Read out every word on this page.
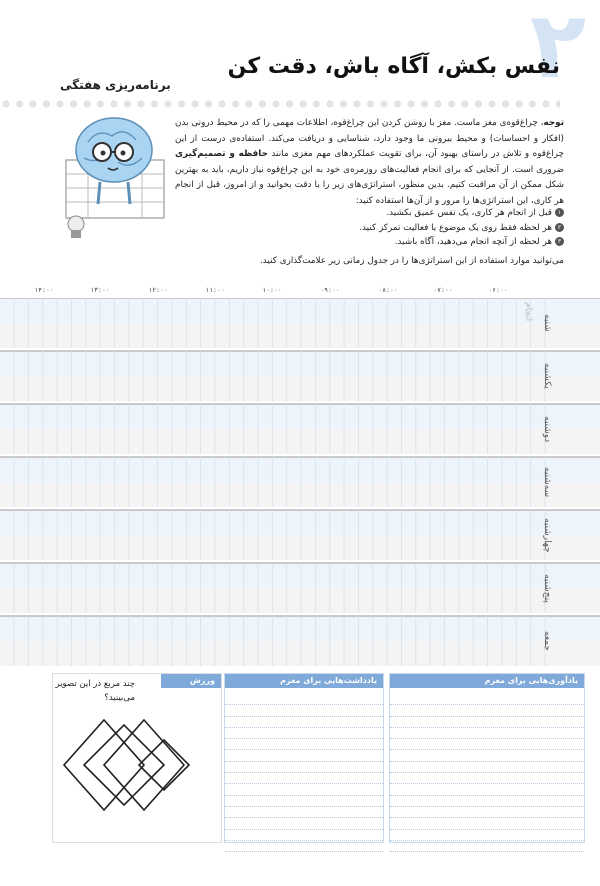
۲
نفس بکش، آگاه باش، دقت کن
برنامه‌ریزی هفتگی
توجه، چراغ‌قوه‌ی مغز ماست. مغز با روشن کردن این چراغ‌قوه، اطلاعات مهمی را که در محیط درونی بدن (افکار و احساسات) و محیط بیرونی ما وجود دارد، شناسایی و دریافت می‌کند. استفاده‌ی درست از این چراغ‌قوه و تلاش در راستای بهبود آن، برای تقویت عملکردهای مهم مغزی مانند حافظه و تصمیم‌گیری ضروری است. از آنجایی که برای انجام فعالیت‌های روزمره‌ی خود به این چراغ‌قوه نیاز داریم، باید به بهترین شکل ممکن از آن مراقبت کنیم. بدین منظور، استراتژی‌های زیر را با دقت بخوانید و از امروز، قبل از انجام هر کاری، این استراتژی‌ها را مرور و از آن‌ها استفاده کنید:
۱قبل از انجام هر کاری، یک نفس عمیق بکشید.
۲هر لحظه فقط روی یک موضوع یا فعالیت تمرکز کنید.
۳هر لحظه از آنچه انجام می‌دهید، آگاه باشید.
می‌توانید موارد استفاده از این استراتژی‌ها را در جدول زمانی زیر علامت‌گذاری کنید.
۰۶:۰۰
۰۷:۰۰
۰۸:۰۰
۰۹:۰۰
۱۰:۰۰
۱۱:۰۰
۱۲:۰۰
۱۳:۰۰
۱۴:۰۰
انجام
شنبه
یکشنبه
دوشنبه
سه‌شنبه
چهارشنبه
پنج‌شنبه
جمعه
یادآوری‌هایی برای مغزم
یادداشت‌هایی برای مغزم
ورزش مغزی
چند مربع در این تصویر می‌بینید؟
